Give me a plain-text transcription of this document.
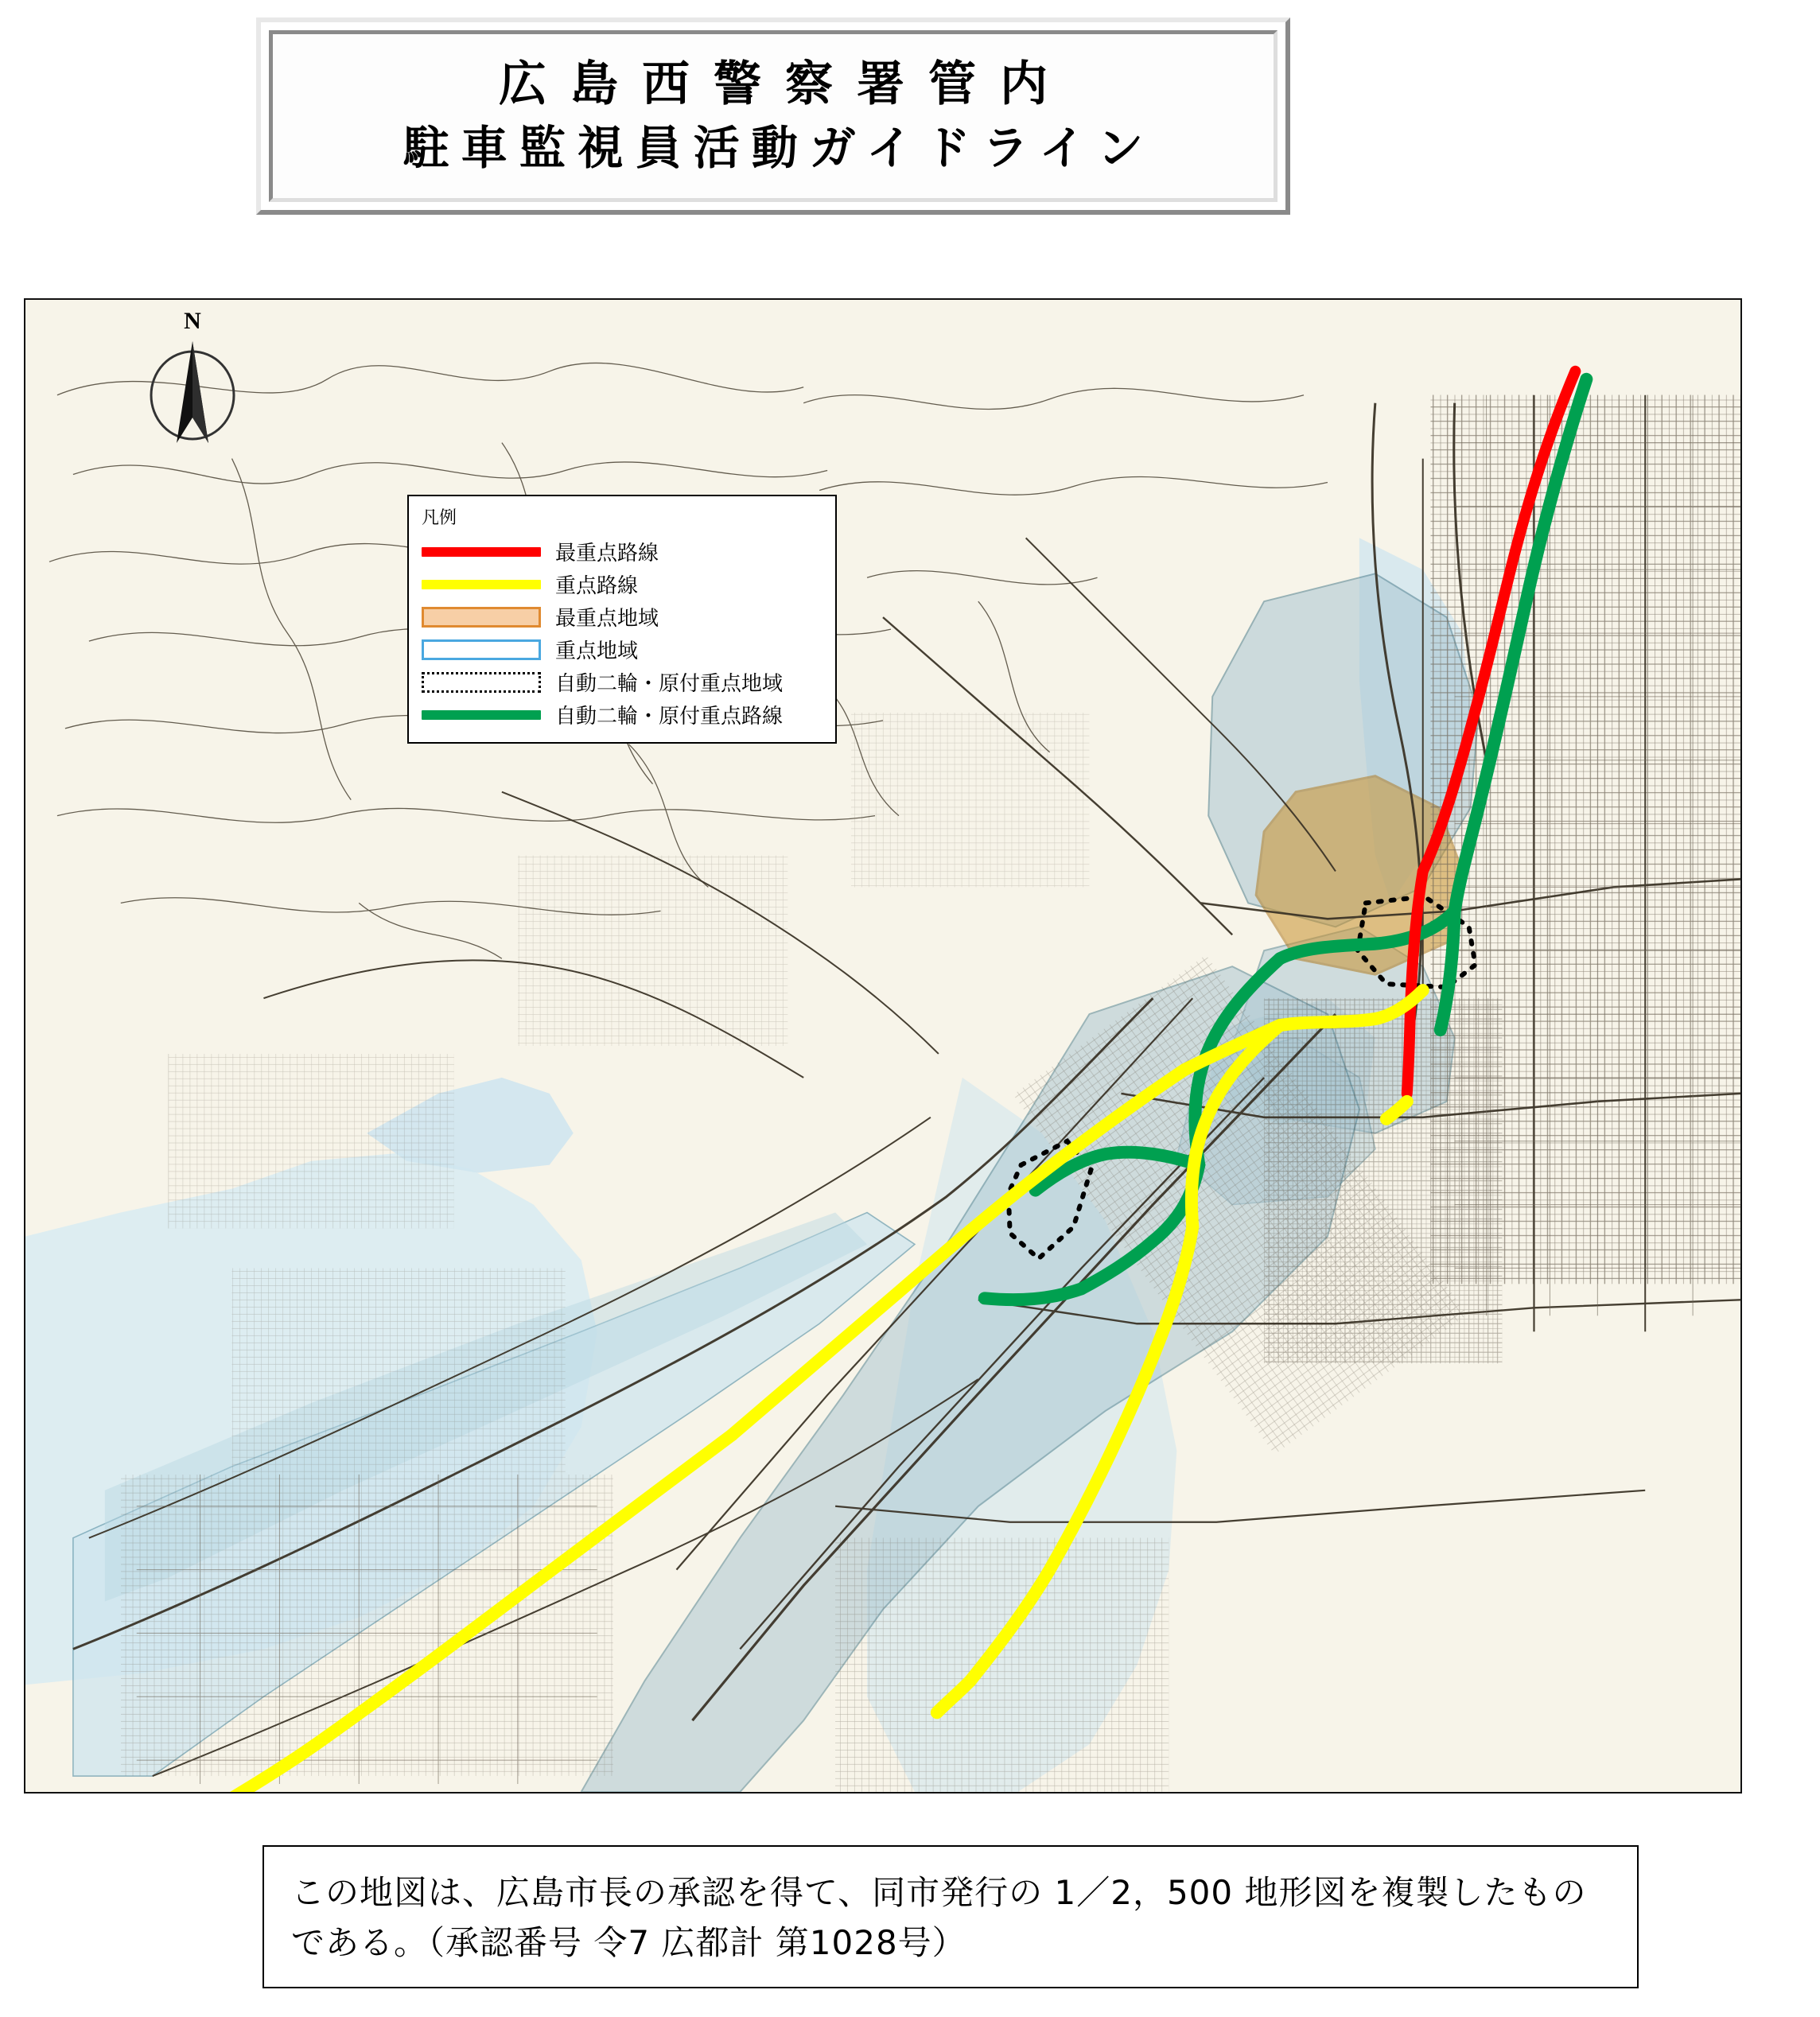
広島西警察署管内
駐車監視員活動ガイドライン
N
凡例
最重点路線
重点路線
最重点地域
重点地域
自動二輪・原付重点地域
自動二輪・原付重点路線

この地図は、広島市長の承認を得て、同市発行の 1／2，500 地形図を複製したものである。（承認番号 令7 広都計 第1028号）
